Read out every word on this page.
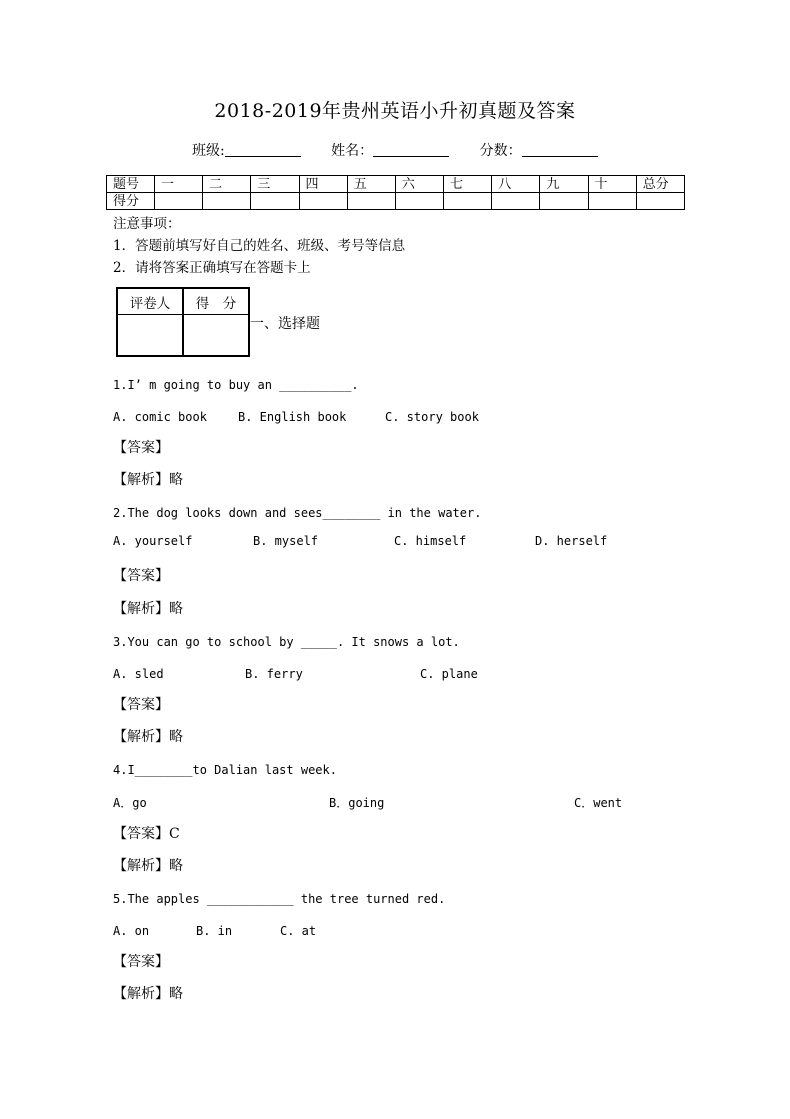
2018-2019年贵州英语小升初真题及答案
班级:	姓名：	分数：
题号	一	二	三	四	五	六	七	八	九	十	总分
得分											
注意事项：
1．答题前填写好自己的姓名、班级、考号等信息
2．请将答案正确填写在答题卡上
评卷人	得　分

一、选择题
1.I’ m going to buy an __________.
A. comic book	B. English book	C. story book
【答案】
【解析】略
2.The dog looks down and sees________ in the water.
A. yourself	B. myself	C. himself	D. herself
【答案】
【解析】略
3.You can go to school by _____. It snows a lot.
A. sled	B. ferry	C. plane
【答案】
【解析】略
4.I________to Dalian last week.
A．go	B．going	C．went
【答案】C
【解析】略
5.The apples ____________ the tree turned red.
A. on	B. in	C. at
【答案】
【解析】略
